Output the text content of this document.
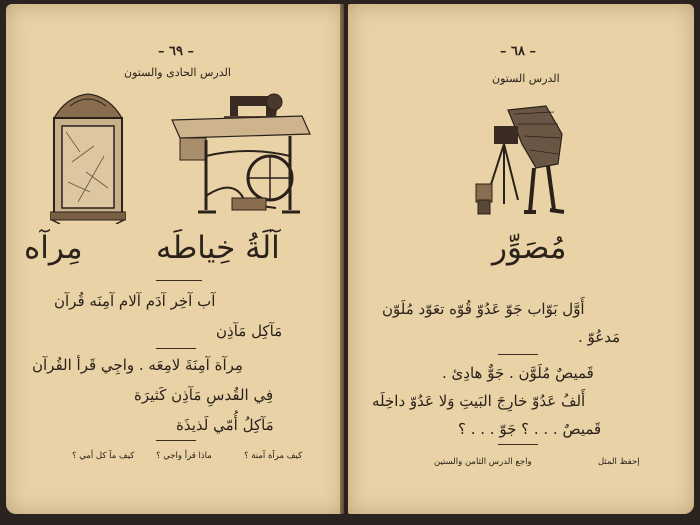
– ٦٩ –
الدرس الحادى والستون
مِرآه آلَةُ خِياطَه
آب آخِر آدَم آلام آمِنَه قُرآن
مَآكِل مَآذِن
مِرآة آمِنَةَ لامِعَه . واجِي قَرأ القُرآن
فِي القُدسِ مَآذِن كَثيرَة
مَآكِلُ أُمّي لَذيذَة
كيف مرآة آمنة ؟
ماذا قرأ واجي ؟
كيف مآ كل أمي ؟
– ٦٨ –
الدرس الستون
مُصَوِّر
أَوَّل بَوّاب جَوّ عَدُوّ قُوّه تعَوّد مُلَوّن
مَدعُوّ .
قَميصٌ مُلَوَّن . جَوٌّ هادِئ .
أَلفُ عَدُوّ خارِجَ البَيتِ وَلا عَدُوّ داخِلَه
قَميصٌ . . . ؟ جَوّ . . . ؟
إحفظ المثل
واجع الدرس الثامن والستين
